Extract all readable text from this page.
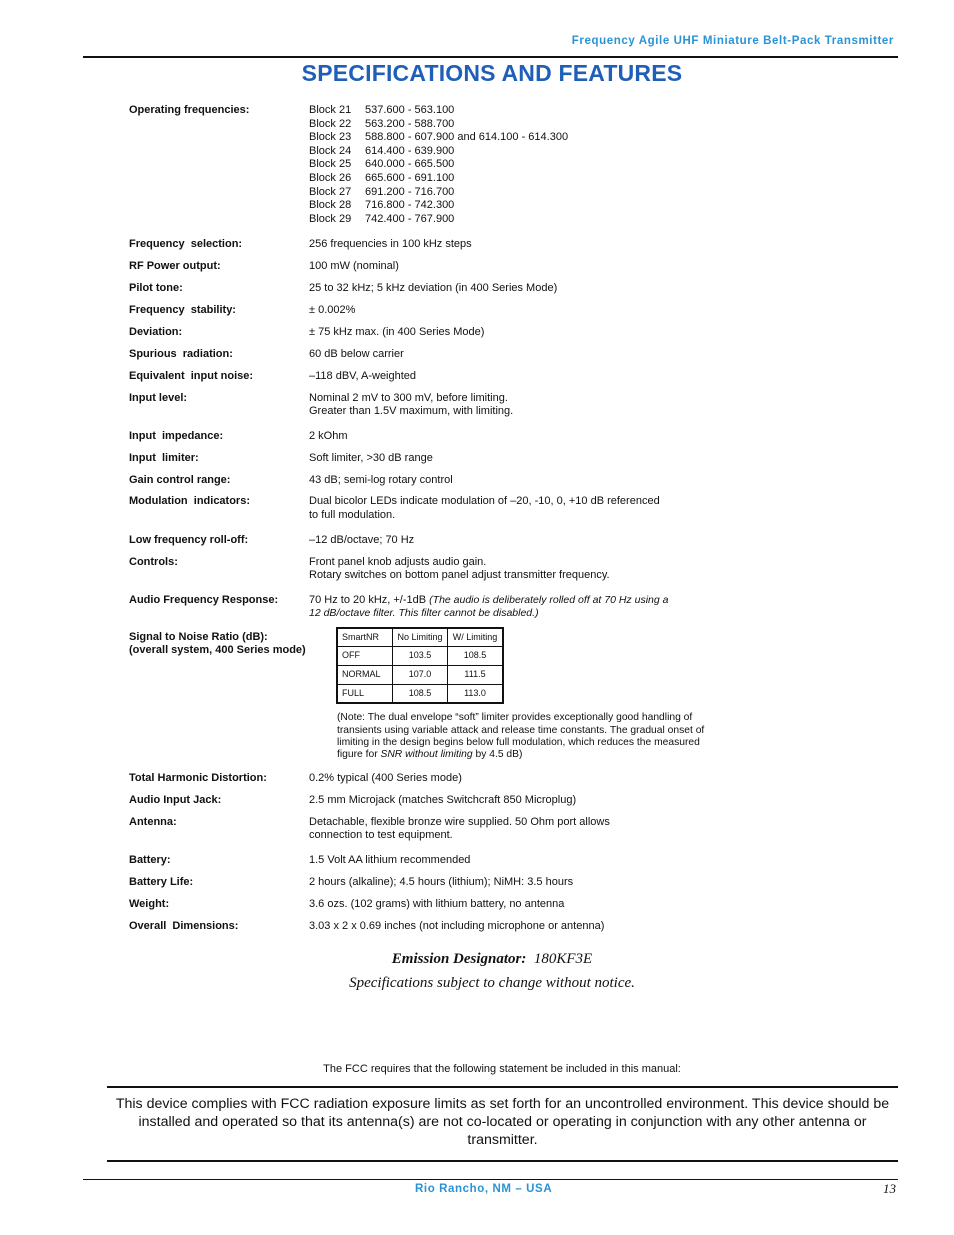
Frequency Agile UHF Miniature Belt-Pack Transmitter
SPECIFICATIONS AND FEATURES
Operating frequencies:	Block 21 537.600 - 563.100
Block 22 563.200 - 588.700
Block 23 588.800 - 607.900 and 614.100 - 614.300
Block 24 614.400 - 639.900
Block 25 640.000 - 665.500
Block 26 665.600 - 691.100
Block 27 691.200 - 716.700
Block 28 716.800 - 742.300
Block 29 742.400 - 767.900
Frequency  selection:	256 frequencies in 100 kHz steps
RF Power output:	100 mW (nominal)
Pilot tone:	25 to 32 kHz; 5 kHz deviation (in 400 Series Mode)
Frequency  stability:	± 0.002%
Deviation:	± 75 kHz max. (in 400 Series Mode)
Spurious  radiation:	60 dB below carrier
Equivalent  input noise:	–118 dBV, A-weighted
Input level:	Nominal 2 mV to 300 mV, before limiting.
Greater than 1.5V maximum, with limiting.
Input  impedance:	2 kOhm
Input  limiter:	Soft limiter, >30 dB range
Gain control range:	43 dB; semi-log rotary control
Modulation  indicators:	Dual bicolor LEDs indicate modulation of –20, -10, 0, +10 dB referenced
to full modulation.
Low frequency roll-off:	–12 dB/octave; 70 Hz
Controls:	Front panel knob adjusts audio gain.
Rotary switches on bottom panel adjust transmitter frequency.
Audio Frequency Response:	70 Hz to 20 kHz, +/-1dB (The audio is deliberately rolled off at 70 Hz using a
12 dB/octave filter. This filter cannot be disabled.)
Signal to Noise Ratio (dB):
(overall system, 400 Series mode)
SmartNR	No Limiting	W/ Limiting
OFF	103.5	108.5
NORMAL	107.0	111.5
FULL	108.5	113.0
(Note: The dual envelope “soft” limiter provides exceptionally good handling of
transients using variable attack and release time constants. The gradual onset of
limiting in the design begins below full modulation, which reduces the measured
figure for SNR without limiting by 4.5 dB)
Total Harmonic Distortion:	0.2% typical (400 Series mode)
Audio Input Jack:	2.5 mm Microjack (matches Switchcraft 850 Microplug)
Antenna:	Detachable, flexible bronze wire supplied. 50 Ohm port allows
connection to test equipment.
Battery:	1.5 Volt AA lithium recommended
Battery Life:	2 hours (alkaline); 4.5 hours (lithium); NiMH: 3.5 hours
Weight:	3.6 ozs. (102 grams) with lithium battery, no antenna
Overall  Dimensions:	3.03 x 2 x 0.69 inches (not including microphone or antenna)
Emission Designator: 180KF3E
Specifications subject to change without notice.
The FCC requires that the following statement be included in this manual:
This device complies with FCC radiation exposure limits as set forth for an uncontrolled environment. This device should be installed and operated so that its antenna(s) are not co-located or operating in conjunction with any other antenna or transmitter.
Rio Rancho, NM – USA	13
